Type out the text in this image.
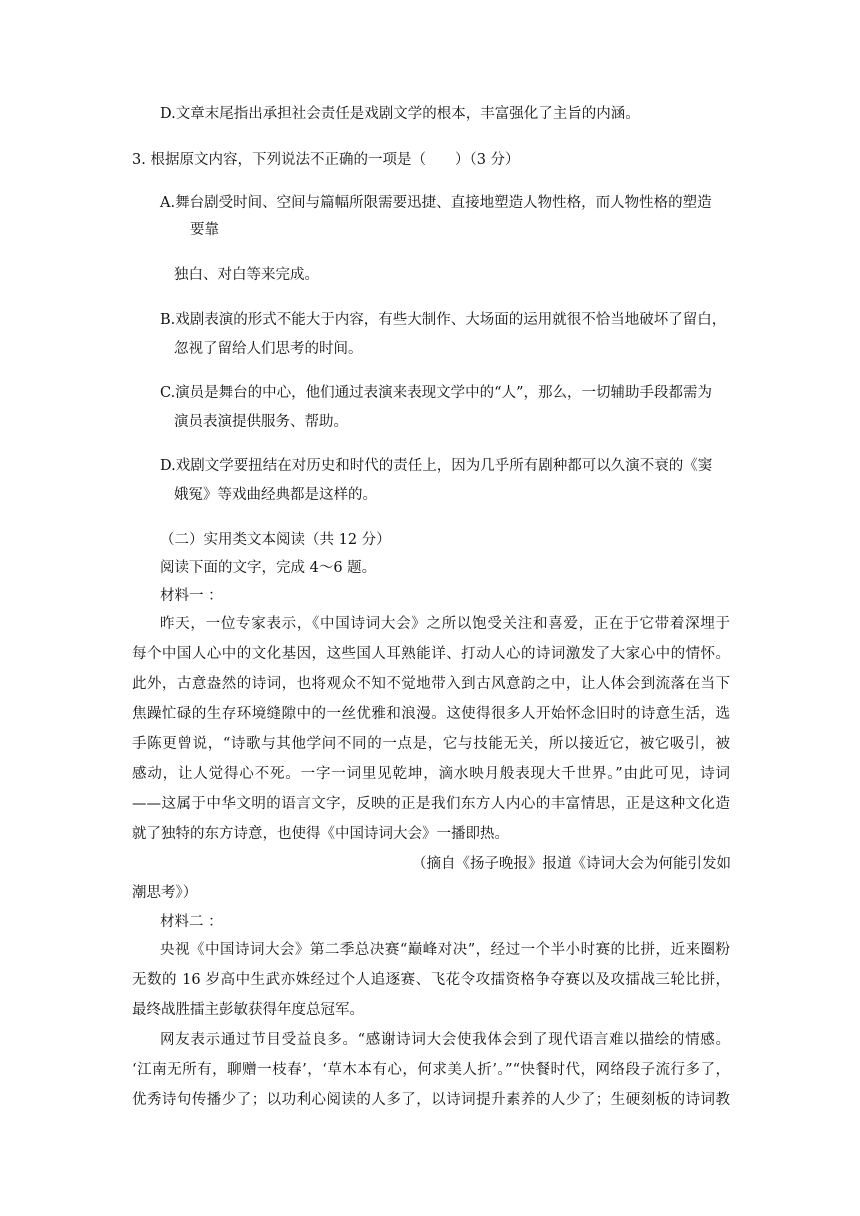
D.文章末尾指出承担社会责任是戏剧文学的根本，丰富强化了主旨的内涵。
3. 根据原文内容，下列说法不正确的一项是（　　）（3 分）
A.舞台剧受时间、空间与篇幅所限需要迅捷、直接地塑造人物性格，而人物性格的塑造
要靠
独白、对白等来完成。
B.戏剧表演的形式不能大于内容，有些大制作、大场面的运用就很不恰当地破坏了留白，
忽视了留给人们思考的时间。
C.演员是舞台的中心，他们通过表演来表现文学中的“人”，那么，一切辅助手段都需为
演员表演提供服务、帮助。
D.戏剧文学要扭结在对历史和时代的责任上，因为几乎所有剧种都可以久演不衰的《窦
娥冤》等戏曲经典都是这样的。
（二）实用类文本阅读（共 12 分）
阅读下面的文字，完成 4～6 题。
材料一 ：
昨天，一位专家表示，《中国诗词大会》之所以饱受关注和喜爱，正在于它带着深埋于
每个中国人心中的文化基因，这些国人耳熟能详、打动人心的诗词激发了大家心中的情怀。
此外，古意盎然的诗词，也将观众不知不觉地带入到古风意韵之中，让人体会到流落在当下
焦躁忙碌的生存环境缝隙中的一丝优雅和浪漫。这使得很多人开始怀念旧时的诗意生活，选
手陈更曾说，“诗歌与其他学问不同的一点是，它与技能无关，所以接近它，被它吸引，被
感动，让人觉得心不死。一字一词里见乾坤，滴水映月般表现大千世界。”由此可见，诗词
——这属于中华文明的语言文字，反映的正是我们东方人内心的丰富情思，正是这种文化造
就了独特的东方诗意，也使得《中国诗词大会》一播即热。
（摘自《扬子晚报》报道《诗词大会为何能引发如
潮思考》）
材料二 ：
央视《中国诗词大会》第二季总决赛“巅峰对决”，经过一个半小时赛的比拼，近来圈粉
无数的 16 岁高中生武亦姝经过个人追逐赛、飞花令攻擂资格争夺赛以及攻擂战三轮比拼，
最终战胜擂主彭敏获得年度总冠军。
网友表示通过节目受益良多。“感谢诗词大会使我体会到了现代语言难以描绘的情感。
‘江南无所有，聊赠一枝春’，‘草木本有心，何求美人折’。”“快餐时代，网络段子流行多了，
优秀诗句传播少了；以功利心阅读的人多了，以诗词提升素养的人少了；生硬刻板的诗词教
